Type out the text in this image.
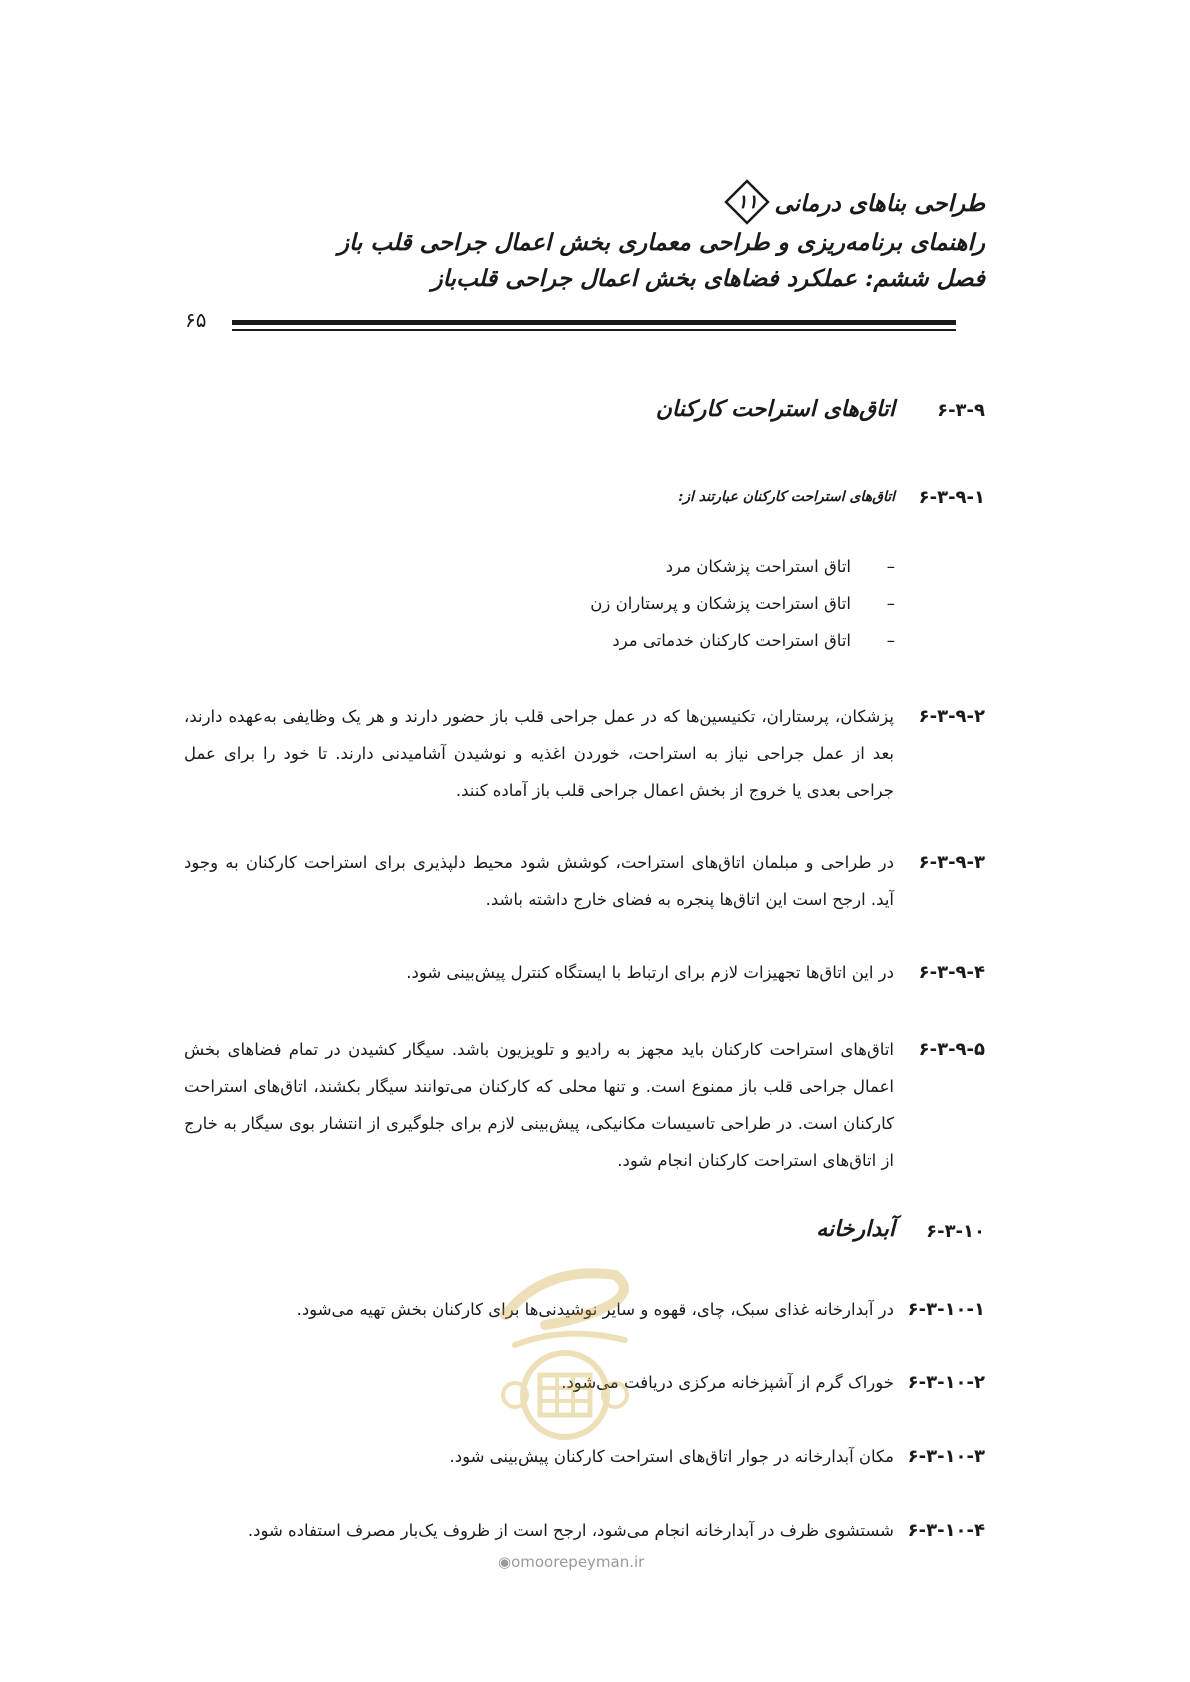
طراحی بناهای درمانی
۱۱
راهنمای برنامه‌ریزی و طراحی معماری بخش اعمال جراحی قلب باز
فصل ششم: عملکرد فضاهای بخش اعمال جراحی قلب‌باز
۶۵
۶-۳-۹
اتاق‌های استراحت کارکنان
۶-۳-۹-۱
اتاق‌های استراحت کارکنان عبارتند از:
–
اتاق استراحت پزشکان مرد
–
اتاق استراحت پزشکان و پرستاران زن
–
اتاق استراحت کارکنان خدماتی مرد
۶-۳-۹-۲
پزشکان، پرستاران، تکنیسین‌ها که در عمل جراحی قلب باز حضور دارند و هر یک وظایفی به‌عهده دارند، بعد از عمل جراحی نیاز به استراحت، خوردن اغذیه و نوشیدن آشامیدنی دارند. تا خود را برای عمل جراحی بعدی یا خروج از بخش اعمال جراحی قلب باز آماده کنند.
۶-۳-۹-۳
در طراحی و مبلمان اتاق‌های استراحت، کوشش شود محیط دلپذیری برای استراحت کارکنان به وجود آید. ارجح است این اتاق‌ها پنجره به فضای خارج داشته باشد.
۶-۳-۹-۴
در این اتاق‌ها تجهیزات لازم برای ارتباط با ایستگاه کنترل پیش‌بینی شود.
۶-۳-۹-۵
اتاق‌های استراحت کارکنان باید مجهز به رادیو و تلویزیون باشد. سیگار کشیدن در تمام فضاهای بخش اعمال جراحی قلب باز ممنوع است. و تنها محلی که کارکنان می‌توانند سیگار بکشند، اتاق‌های استراحت کارکنان است. در طراحی تاسیسات مکانیکی، پیش‌بینی لازم برای جلوگیری از انتشار بوی سیگار به خارج از اتاق‌های استراحت کارکنان انجام شود.
۶-۳-۱۰
آبدارخانه
۶-۳-۱۰-۱
در آبدارخانه غذای سبک، چای، قهوه و سایر نوشیدنی‌ها برای کارکنان بخش تهیه می‌شود.
۶-۳-۱۰-۲
خوراک گرم از آشپزخانه مرکزی دریافت می‌شود.
۶-۳-۱۰-۳
مکان آبدارخانه در جوار اتاق‌های استراحت کارکنان پیش‌بینی شود.
۶-۳-۱۰-۴
شستشوی ظرف در آبدارخانه انجام می‌شود، ارجح است از ظروف یک‌بار مصرف استفاده شود.
◉omoorepeyman.ir
